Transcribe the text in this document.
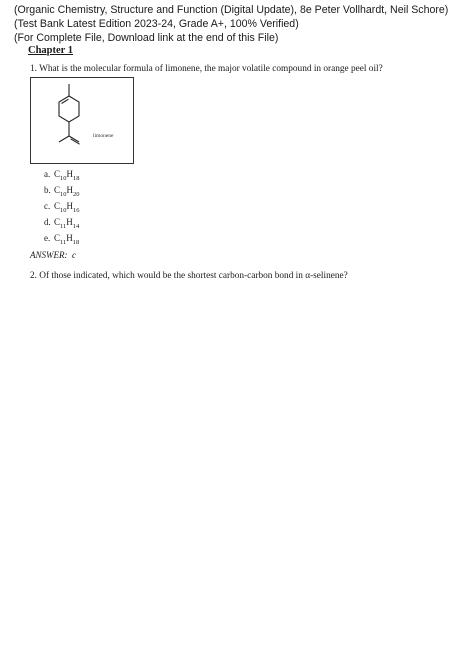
(Organic Chemistry, Structure and Function (Digital Update), 8e Peter Vollhardt, Neil Schore)
(Test Bank Latest Edition 2023-24, Grade A+, 100% Verified)
(For Complete File, Download link at the end of this File)
Chapter 1
1. What is the molecular formula of limonene, the major volatile compound in orange peel oil?
limonene
a. $C_{10}H_{18}$
b. $C_{10}H_{20}$
c. $C_{10}H_{16}$
d. $C_{11}H_{14}$
e. $C_{11}H_{18}$
ANSWER: c
2. Of those indicated, which would be the shortest carbon-carbon bond in α-selinene?
